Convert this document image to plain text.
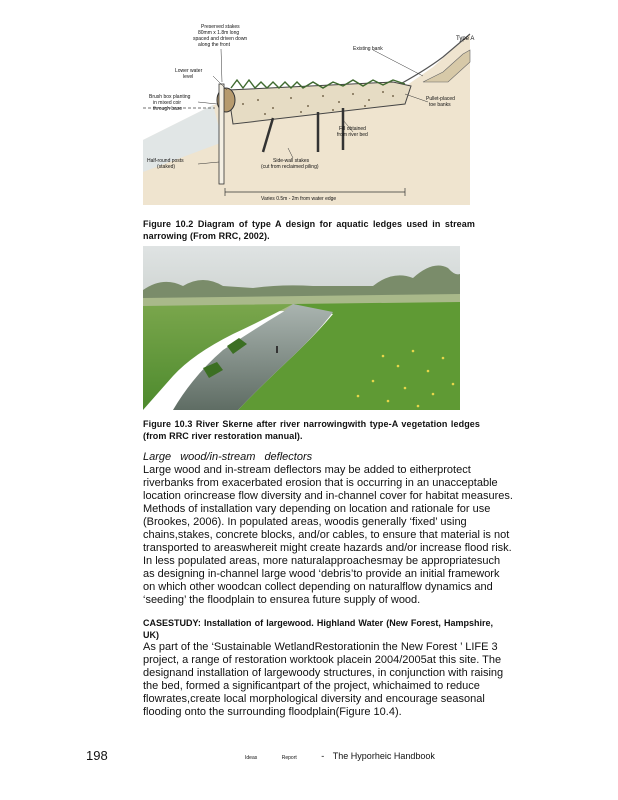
Preserved stakes
80mm x 1.8m long
spaced and driven down
along the front
Type A
Existing bank
Lower water
level
Brush box planting
in mixed coir
through base
Pullet-placed
toe banks
Fill obtained
from river bed
Half-round posts
(staked)
Side-wall stakes
(cut from reclaimed piling)
Varies 0.5m - 2m from water edge
Figure 10.2 Diagram of type A design for aquatic ledges used in stream narrowing (From RRC, 2002).
Figure 10.3 River Skerne after river narrowingwith type-A vegetation ledges (from RRC river restoration manual).
Large wood/in-stream deflectors
Large wood and in-stream deflectors may be added to eitherprotect riverbanks from exacerbated erosion that is occurring in an unacceptable location orincrease flow diversity and in-channel cover for habitat measures. Methods of installation vary depending on location and rationale for use (Brookes, 2006). In populated areas, woodis generally ‘fixed’ using chains,stakes, concrete blocks, and/or cables, to ensure that material is not transported to areaswhereit might create hazards and/or increase flood risk. In less populated areas, more naturalapproachesmay be appropriatesuch as designing in-channel large wood ‘debris’to provide an initial framework on which other woodcan collect depending on naturalflow dynamics and ‘seeding’ the floodplain to ensurea future supply of wood.
CASESTUDY: Installation of largewood. Highland Water (New Forest, Hampshire, UK)
As part of the ‘Sustainable WetlandRestorationin the New Forest ’ LIFE 3 project, a range of restoration worktook placein 2004/2005at this site. The designand installation of largewoody structures, in conjunction with raising the bed, formed a significantpart of the project, whichaimed to reduce flowrates,create local morphological diversity and encourage seasonal flooding onto the surrounding floodplain(Figure 10.4).
198	Ideas	Report	- The Hyporheic Handbook
